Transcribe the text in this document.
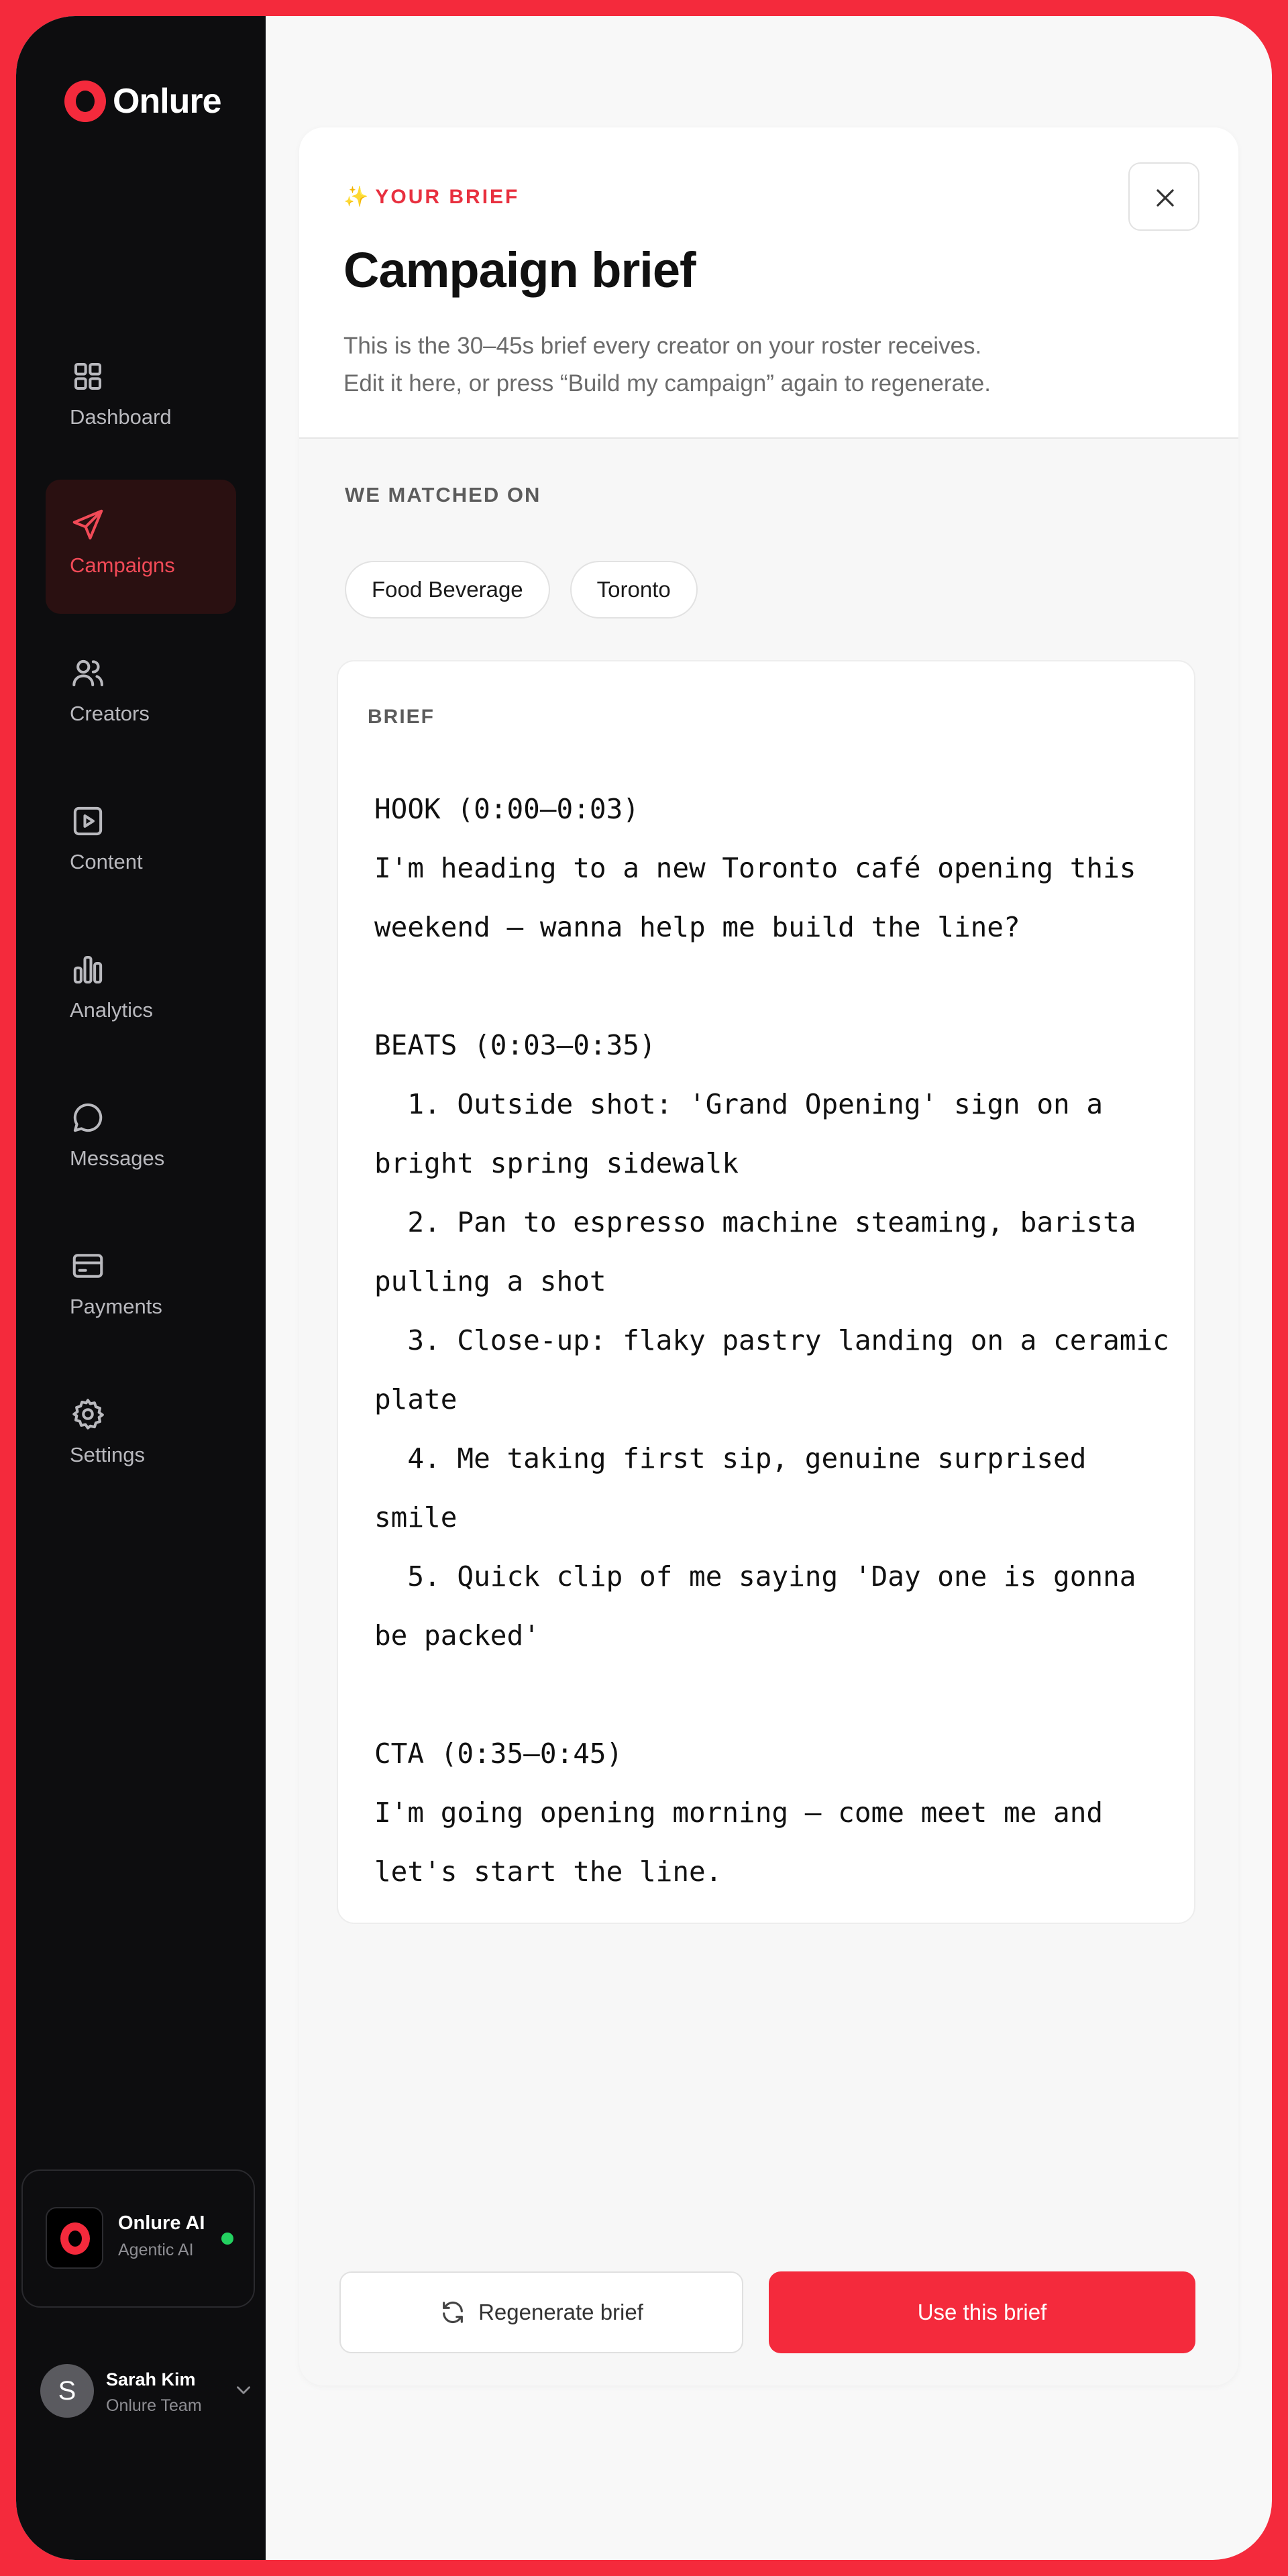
Onlure
Dashboard
Campaigns
Creators
Content
Analytics
Messages
Payments
Settings
Onlure AI
Agentic AI
S	Sarah Kim
Onlure Team
✨ YOUR BRIEF
Campaign brief
This is the 30–45s brief every creator on your roster receives.
Edit it here, or press “Build my campaign” again to regenerate.
WE MATCHED ON
Food Beverage	Toronto
BRIEF
HOOK (0:00–0:03)
I'm heading to a new Toronto café opening this weekend – wanna help me build the line?

BEATS (0:03–0:35)
1. Outside shot: 'Grand Opening' sign on a bright spring sidewalk
2. Pan to espresso machine steaming, barista pulling a shot
3. Close-up: flaky pastry landing on a ceramic plate
4. Me taking first sip, genuine surprised smile
5. Quick clip of me saying 'Day one is gonna be packed'

CTA (0:35–0:45)
I'm going opening morning – come meet me and let's start the line.
Regenerate brief	Use this brief
